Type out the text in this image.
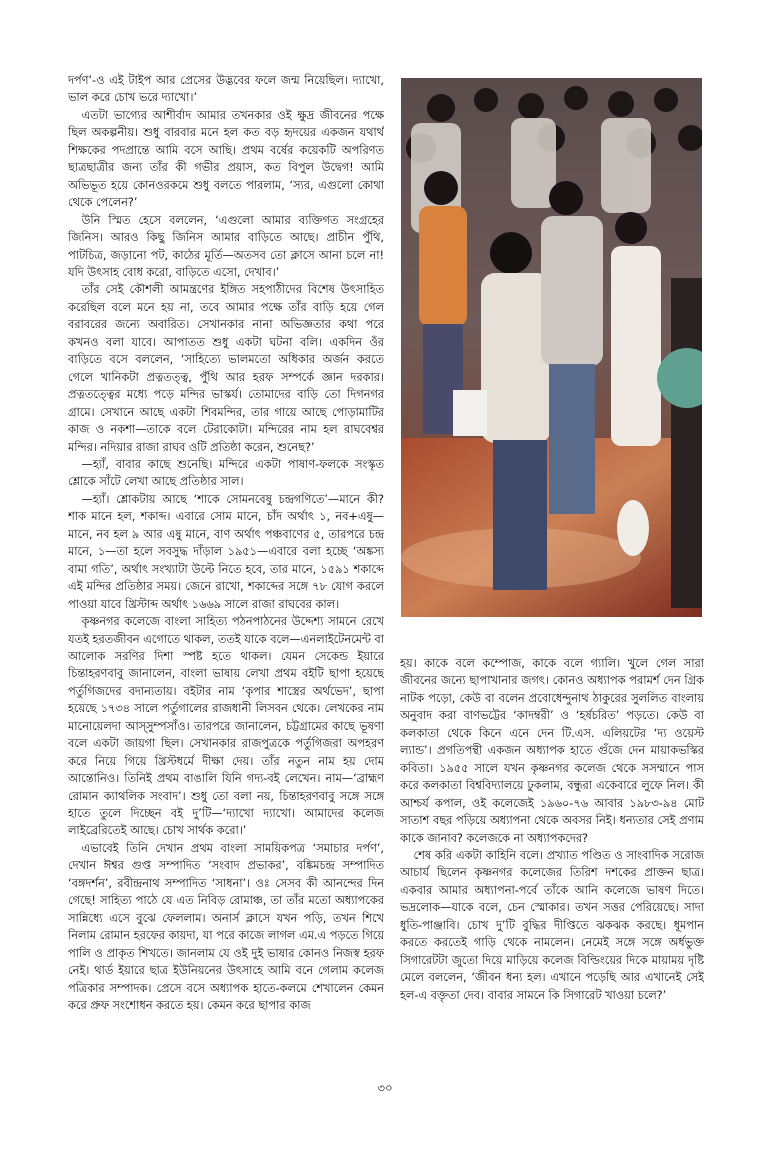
দর্পণ’-ও এই টাইপ আর প্রেসের উদ্ভবের ফলে জন্ম নিয়েছিল। দ্যাখো, ভাল করে চোখ ভরে দ্যাখো।’

এতটা ভাগ্যের আশীর্বাদ আমার তখনকার ওই ক্ষুদ্র জীবনের পক্ষে ছিল অকল্পনীয়। শুধু বারবার মনে হল কত বড় হৃদয়ের একজন যথার্থ শিক্ষকের পদপ্রান্তে আমি বসে আছি। প্রথম বর্ষের কয়েকটি অপরিণত ছাত্রছাত্রীর জন্য তাঁর কী গভীর প্রয়াস, কত বিপুল উদ্বেগ! আমি অভিভূত হয়ে কোনওরকমে শুধু বলতে পারলাম, ‘স্যর, এগুলো কোথা থেকে পেলেন?’

উনি স্মিত হেসে বললেন, ‘এগুলো আমার ব্যক্তিগত সংগ্রহের জিনিস। আরও কিছু জিনিস আমার বাড়িতে আছে। প্রাচীন পুঁথি, পাটচিত্র, জড়ানো পট, কাঠের মূর্তি—অতসব তো ক্লাসে আনা চলে না! যদি উৎসাহ বোধ করো, বাড়িতে এসো, দেখাব।’

তাঁর সেই কৌশলী আমন্ত্রণের ইঙ্গিত সহপাঠীদের বিশেষ উৎসাহিত করেছিল বলে মনে হয় না, তবে আমার পক্ষে তাঁর বাড়ি হয়ে গেল বরাবরের জন্যে অবারিত। সেখানকার নানা অভিজ্ঞতার কথা পরে কখনও বলা যাবে। আপাতত শুধু একটা ঘটনা বলি। একদিন ওঁর বাড়িতে বসে বললেন, ‘সাহিত্যে ভালমতো অধিকার অর্জন করতে গেলে খানিকটা প্রত্নতত্ত্ব, পুঁথি আর হরফ সম্পর্কে জ্ঞান দরকার। প্রত্নতত্ত্বের মধ্যে পড়ে মন্দির ভাস্কর্য। তোমাদের বাড়ি তো দিগনগর গ্রামে। সেখানে আছে একটা শিবমন্দির, তার গায়ে আছে পোড়ামাটির কাজ ও নকশা—তাকে বলে টেরাকোটা। মন্দিরের নাম হল রাঘবেশ্বর মন্দির। নদিয়ার রাজা রাঘব ওটি প্রতিষ্ঠা করেন, শুনেছ?’

—হ্যাঁ, বাবার কাছে শুনেছি। মন্দিরে একটা পাষাণ-ফলকে সংস্কৃত শ্লোকে সাঁটে লেখা আছে প্রতিষ্ঠার সাল।

—হ্যাঁ। শ্লোকটায় আছে ‘শাকে সোমনবেষু চন্দ্রগণিতে’—মানে কী? শাক মানে হল, শকাব্দ। এবারে সোম মানে, চাঁদ অর্থাৎ ১, নব+এষু—মানে, নব হল ৯ আর এষু মানে, বাণ অর্থাৎ পঞ্চবাণের ৫, তারপরে চন্দ্র মানে, ১—তা হলে সবসুদ্ধ দাঁড়াল ১৯৫১—এবারে বলা হচ্ছে ‘অঙ্কস্য বামা গতি’, অর্থাৎ সংখ্যাটা উল্টে নিতে হবে, তার মানে, ১৫৯১ শকাব্দে এই মন্দির প্রতিষ্ঠার সময়। জেনে রাখো, শকাব্দের সঙ্গে ৭৮ যোগ করলে পাওয়া যাবে খ্রিস্টাব্দ অর্থাৎ ১৬৬৯ সালে রাজা রাঘবের কাল।

কৃষ্ণনগর কলেজে বাংলা সাহিত্য পঠনপাঠনের উদ্দেশ্য সামনে রেখে যতই হরতজীবন এগোতে থাকল, ততই যাকে বলে—এনলাইটেনমেন্ট বা আলোক সরণির দিশা স্পষ্ট হতে থাকল। যেমন সেকেন্ড ইয়ারে চিন্তাহরণবাবু জানালেন, বাংলা ভাষায় লেখা প্রথম বইটি ছাপা হয়েছে পর্তুগিজদের বদান্যতায়। বইটার নাম ‘কৃপার শাস্ত্রের অর্থভেদ’, ছাপা হয়েছে ১৭৩৪ সালে পর্তুগালের রাজধানী লিসবন থেকে। লেখকের নাম মানোয়েলদা আস্‌সুম্পসাঁও। তারপরে জানালেন, চট্টগ্রামের কাছে ভূষণা বলে একটা জায়গা ছিল। সেখানকার রাজপুত্রকে পর্তুগিজরা অপহরণ করে নিয়ে গিয়ে খ্রিস্টধর্মে দীক্ষা দেয়। তাঁর নতুন নাম হয় দোম আন্তোনিও। তিনিই প্রথম বাঙালি যিনি গদ্য-বই লেখেন। নাম—‘ব্রাহ্মণ রোমান ক্যাথলিক সংবাদ’। শুধু তো বলা নয়, চিন্তাহরণবাবু সঙ্গে সঙ্গে হাতে তুলে দিচ্ছেন বই দু’টি—‘দ্যাখো দ্যাখো। আমাদের কলেজ লাইব্রেরিতেই আছে। চোখ সার্থক করো।’

এভাবেই তিনি দেখান প্রথম বাংলা সাময়িকপত্র ‘সমাচার দর্পণ’, দেখান ঈশ্বর গুপ্ত সম্পাদিত ‘সংবাদ প্রভাকর’, বঙ্কিমচন্দ্র সম্পাদিত ‘বঙ্গদর্শন’, রবীন্দ্রনাথ সম্পাদিত ‘সাধনা’। ওঃ সেসব কী আনন্দের দিন গেছে! সাহিত্য পাঠে যে এত নিবিড় রোমাঞ্চ, তা তাঁর মতো অধ্যাপকের সান্নিধ্যে এসে বুঝে ফেললাম। অনার্স ক্লাসে যখন পড়ি, তখন শিখে নিলাম রোমান হরফের কায়দা, যা পরে কাজে লাগল এম.এ পড়তে গিয়ে পালি ও প্রাকৃত শিখতে। জানলাম যে ওই দুই ভাষার কোনও নিজস্ব হরফ নেই। থার্ড ইয়ারে ছাত্র ইউনিয়নের উৎসাহে আমি বনে গেলাম কলেজ পত্রিকার সম্পাদক। প্রেসে বসে অধ্যাপক হাতে-কলমে শেখালেন কেমন করে প্রুফ সংশোধন করতে হয়। কেমন করে ছাপার কাজ

হয়। কাকে বলে কম্পোজ, কাকে বলে গ্যালি। খুলে গেল সারা জীবনের জন্যে ছাপাখানার জগৎ। কোনও অধ্যাপক পরামর্শ দেন গ্রিক নাটক পড়ো, কেউ বা বলেন প্রবোধেন্দুনাথ ঠাকুরের সুললিত বাংলায় অনুবাদ করা বাণভট্টের ‘কাদম্বরী’ ও ‘হর্ষচরিত’ পড়তে। কেউ বা কলকাতা থেকে কিনে এনে দেন টি.এস. এলিয়টের ‘দ্য ওয়েস্ট ল্যান্ড’। প্রগতিপন্থী একজন অধ্যাপক হাতে গুঁজে দেন মায়াকভস্কির কবিতা। ১৯৫৫ সালে যখন কৃষ্ণনগর কলেজ থেকে সসম্মানে পাস করে কলকাতা বিশ্ববিদ্যালয়ে ঢুকলাম, বন্ধুরা একেবারে লুফে নিল। কী আশ্চর্য কপাল, ওই কলেজেই ১৯৬০-৭৬ আবার ১৯৮৩-৯৪ মোট সাতাশ বছর পড়িয়ে অধ্যাপনা থেকে অবসর নিই। ধন্যতার সেই প্রণাম কাকে জানাব? কলেজকে না অধ্যাপকদের?

শেষ করি একটা কাহিনি বলে। প্রখ্যাত পণ্ডিত ও সাংবাদিক সরোজ আচার্য ছিলেন কৃষ্ণনগর কলেজের তিরিশ দশকের প্রাক্তন ছাত্র। একবার আমার অধ্যাপনা-পর্বে তাঁকে আনি কলেজে ভাষণ দিতে। ভদ্রলোক—যাকে বলে, চেন স্মোকার। তখন সত্তর পেরিয়েছে। সাদা ধুতি-পাঞ্জাবি। চোখ দু’টি বুদ্ধির দীপ্তিতে ঝকঝক করছে। ধূমপান করতে করতেই গাড়ি থেকে নামলেন। নেমেই সঙ্গে সঙ্গে অর্ধভুক্ত সিগারেটটা জুতো দিয়ে মাড়িয়ে কলেজ বিল্ডিংয়ের দিকে মায়াময় দৃষ্টি মেলে বললেন, ‘জীবন ধন্য হল। এখানে পড়েছি আর এখানেই সেই হল-এ বক্তৃতা দেব। বাবার সামনে কি সিগারেট খাওয়া চলে?’

৩০
